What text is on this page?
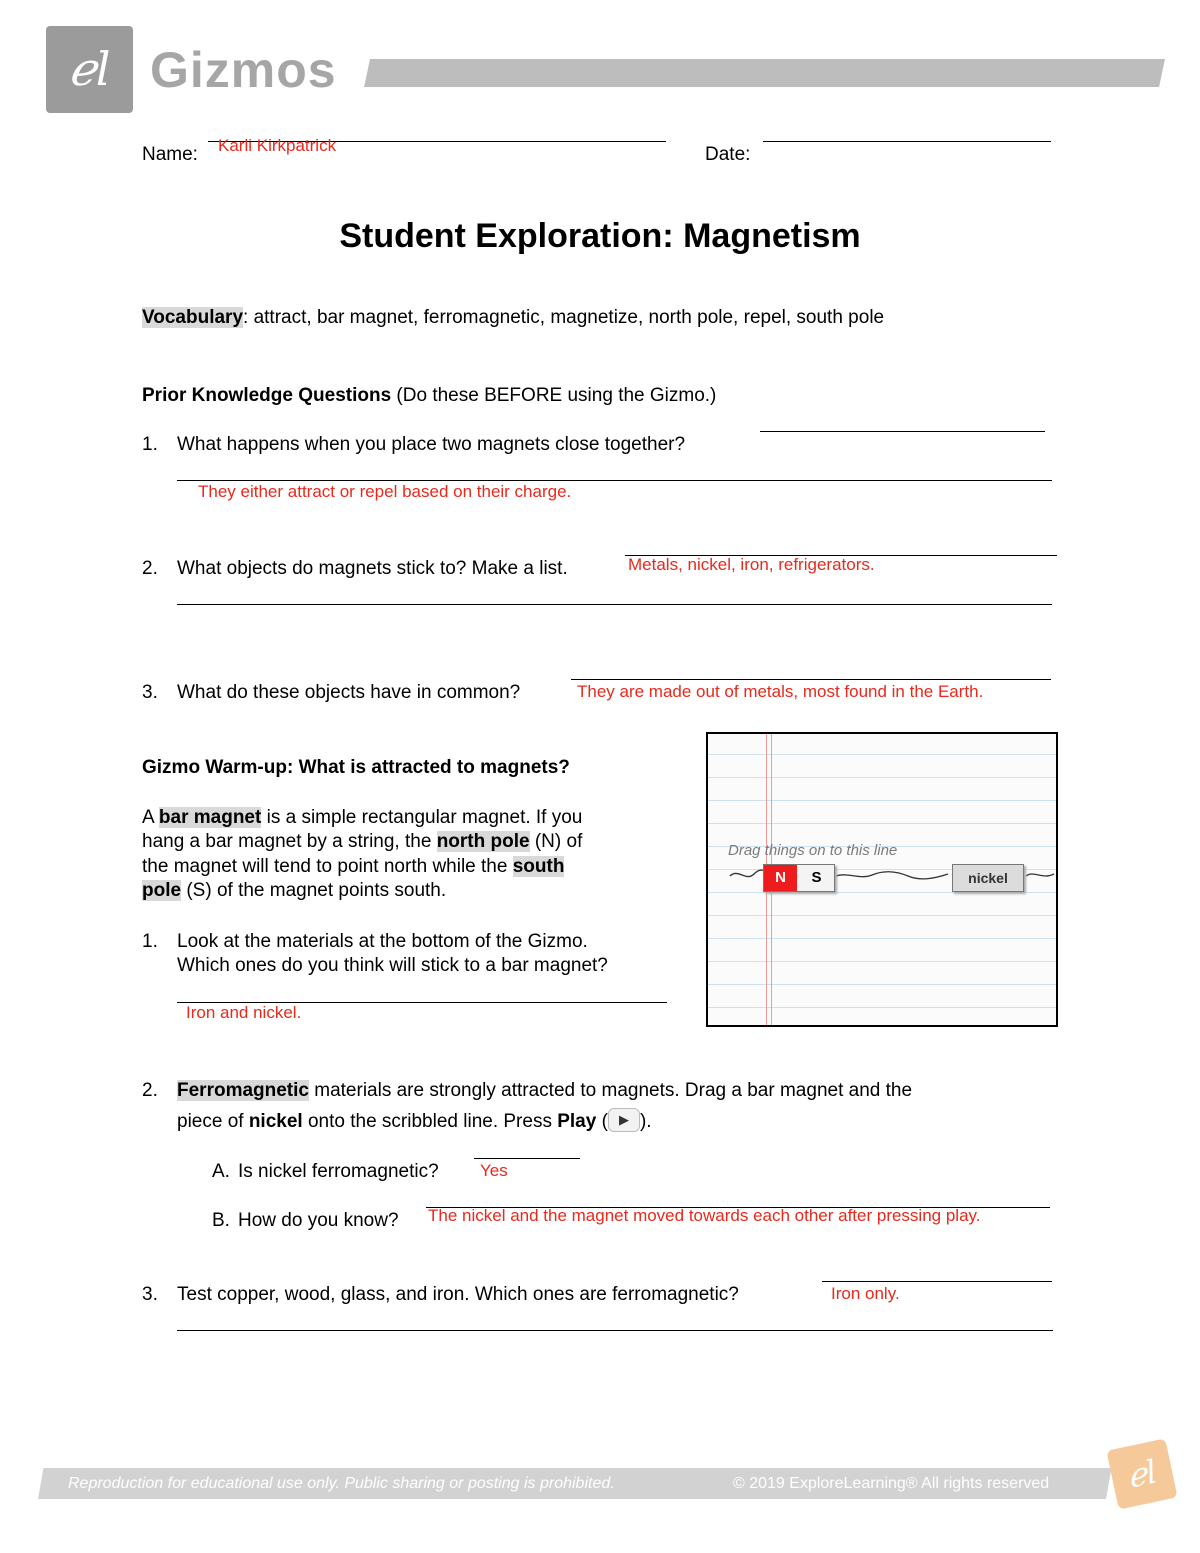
ℯl Gizmos
Name: Karli Kirkpatrick	Date:
Student Exploration: Magnetism
Vocabulary: attract, bar magnet, ferromagnetic, magnetize, north pole, repel, south pole
Prior Knowledge Questions (Do these BEFORE using the Gizmo.)
1. What happens when you place two magnets close together?
They either attract or repel based on their charge.
2. What objects do magnets stick to? Make a list.	Metals, nickel, iron, refrigerators.
3. What do these objects have in common?	They are made out of metals, most found in the Earth.
Gizmo Warm-up: What is attracted to magnets?
A bar magnet is a simple rectangular magnet. If you
hang a bar magnet by a string, the north pole (N) of
the magnet will tend to point north while the south
pole (S) of the magnet points south.
1. Look at the materials at the bottom of the Gizmo.
Which ones do you think will stick to a bar magnet?
Iron and nickel.
Drag things on to this line
N	S	nickel
2. Ferromagnetic materials are strongly attracted to magnets. Drag a bar magnet and the
piece of nickel onto the scribbled line. Press Play ( ▶ ).
A. Is nickel ferromagnetic? Yes
B. How do you know? The nickel and the magnet moved towards each other after pressing play.
3. Test copper, wood, glass, and iron. Which ones are ferromagnetic?	Iron only.
Reproduction for educational use only. Public sharing or posting is prohibited.	© 2019 ExploreLearning® All rights reserved	ℯl
